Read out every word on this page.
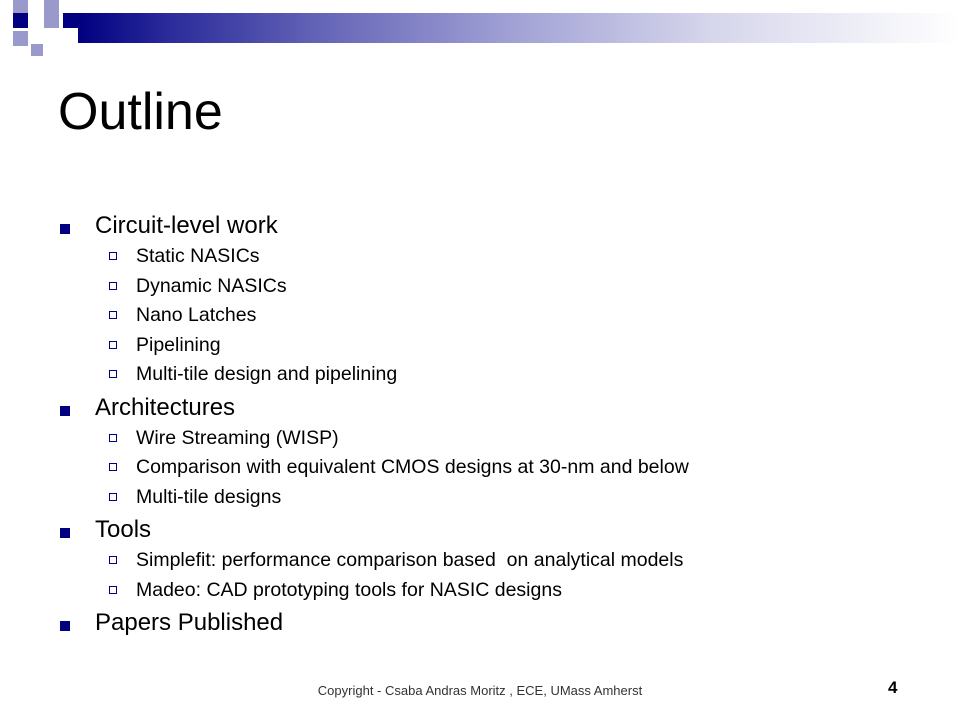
Outline
Circuit-level work
Static NASICs
Dynamic NASICs
Nano Latches
Pipelining
Multi-tile design and pipelining
Architectures
Wire Streaming (WISP)
Comparison with equivalent CMOS designs at 30-nm and below
Multi-tile designs
Tools
Simplefit: performance comparison based  on analytical models
Madeo: CAD prototyping tools for NASIC designs
Papers Published
Copyright - Csaba Andras Moritz , ECE, UMass Amherst	4
